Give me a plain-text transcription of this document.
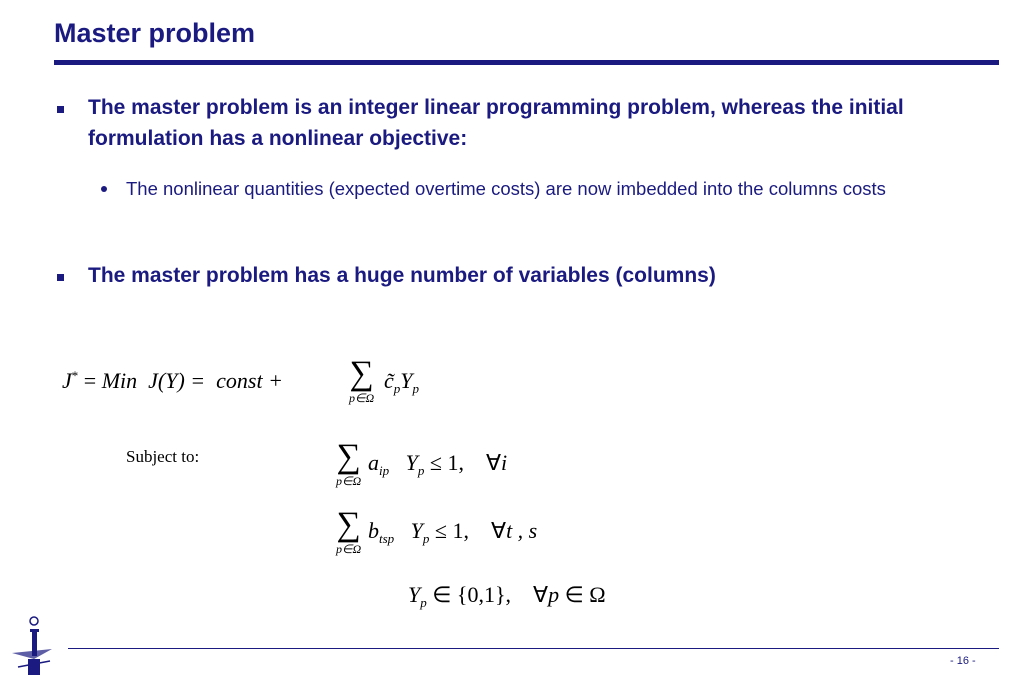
Master problem
The master problem is an integer linear programming problem, whereas the initial formulation has a nonlinear objective:
The nonlinear quantities (expected overtime costs) are now imbedded into the columns costs
The master problem has a huge number of variables (columns)
J* = Min J(Y) = const + ∑
p∈Ω
$c̃_pY_p$
Subject to:	∑
p∈Ω
$a_{ip}$ $Y_p \le 1$, ∀i
∑
p∈Ω
$b_{tsp}$ $Y_p \le 1$, ∀t , s
$Y_p$ ∈ {0,1}, ∀p ∈ Ω
- 16 -
